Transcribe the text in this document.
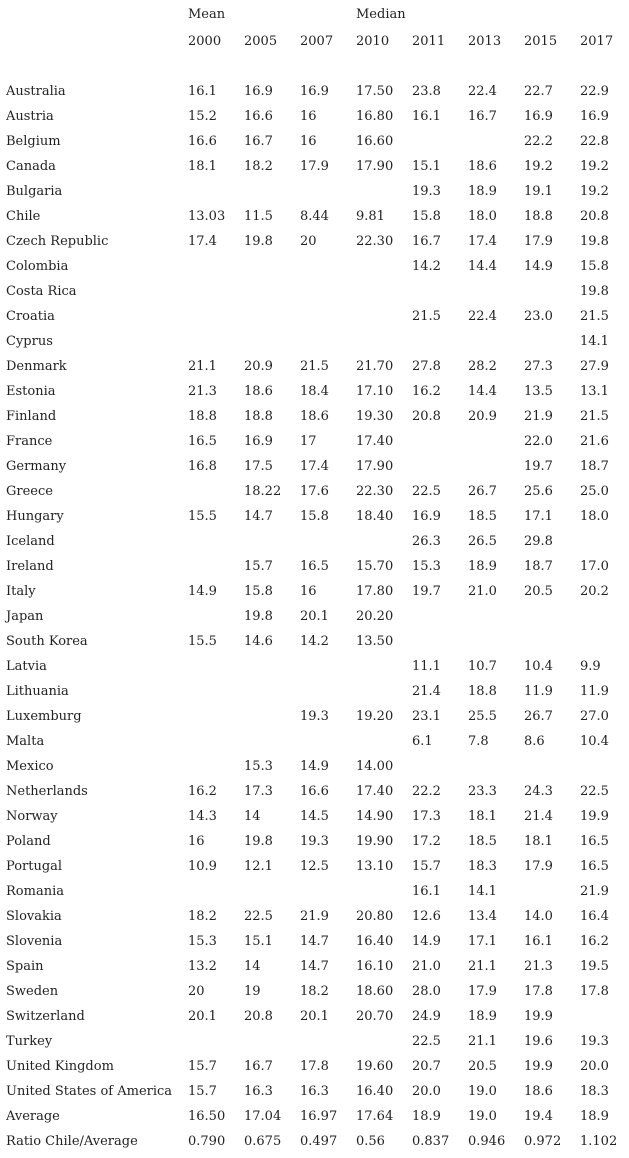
	Mean			Median				
	2000	2005	2007	2010	2011	2013	2015	2017

Australia	16.1	16.9	16.9	17.50	23.8	22.4	22.7	22.9
Austria	15.2	16.6	16	16.80	16.1	16.7	16.9	16.9
Belgium	16.6	16.7	16	16.60			22.2	22.8
Canada	18.1	18.2	17.9	17.90	15.1	18.6	19.2	19.2
Bulgaria					19.3	18.9	19.1	19.2
Chile	13.03	11.5	8.44	9.81	15.8	18.0	18.8	20.8
Czech Republic	17.4	19.8	20	22.30	16.7	17.4	17.9	19.8
Colombia					14.2	14.4	14.9	15.8
Costa Rica								19.8
Croatia					21.5	22.4	23.0	21.5
Cyprus								14.1
Denmark	21.1	20.9	21.5	21.70	27.8	28.2	27.3	27.9
Estonia	21.3	18.6	18.4	17.10	16.2	14.4	13.5	13.1
Finland	18.8	18.8	18.6	19.30	20.8	20.9	21.9	21.5
France	16.5	16.9	17	17.40			22.0	21.6
Germany	16.8	17.5	17.4	17.90			19.7	18.7
Greece		18.22	17.6	22.30	22.5	26.7	25.6	25.0
Hungary	15.5	14.7	15.8	18.40	16.9	18.5	17.1	18.0
Iceland					26.3	26.5	29.8	
Ireland		15.7	16.5	15.70	15.3	18.9	18.7	17.0
Italy	14.9	15.8	16	17.80	19.7	21.0	20.5	20.2
Japan		19.8	20.1	20.20				
South Korea	15.5	14.6	14.2	13.50				
Latvia					11.1	10.7	10.4	9.9
Lithuania					21.4	18.8	11.9	11.9
Luxemburg			19.3	19.20	23.1	25.5	26.7	27.0
Malta					6.1	7.8	8.6	10.4
Mexico		15.3	14.9	14.00				
Netherlands	16.2	17.3	16.6	17.40	22.2	23.3	24.3	22.5
Norway	14.3	14	14.5	14.90	17.3	18.1	21.4	19.9
Poland	16	19.8	19.3	19.90	17.2	18.5	18.1	16.5
Portugal	10.9	12.1	12.5	13.10	15.7	18.3	17.9	16.5
Romania					16.1	14.1		21.9
Slovakia	18.2	22.5	21.9	20.80	12.6	13.4	14.0	16.4
Slovenia	15.3	15.1	14.7	16.40	14.9	17.1	16.1	16.2
Spain	13.2	14	14.7	16.10	21.0	21.1	21.3	19.5
Sweden	20	19	18.2	18.60	28.0	17.9	17.8	17.8
Switzerland	20.1	20.8	20.1	20.70	24.9	18.9	19.9	
Turkey					22.5	21.1	19.6	19.3
United Kingdom	15.7	16.7	17.8	19.60	20.7	20.5	19.9	20.0
United States of America	15.7	16.3	16.3	16.40	20.0	19.0	18.6	18.3
Average	16.50	17.04	16.97	17.64	18.9	19.0	19.4	18.9
Ratio Chile/Average	0.790	0.675	0.497	0.56	0.837	0.946	0.972	1.102
